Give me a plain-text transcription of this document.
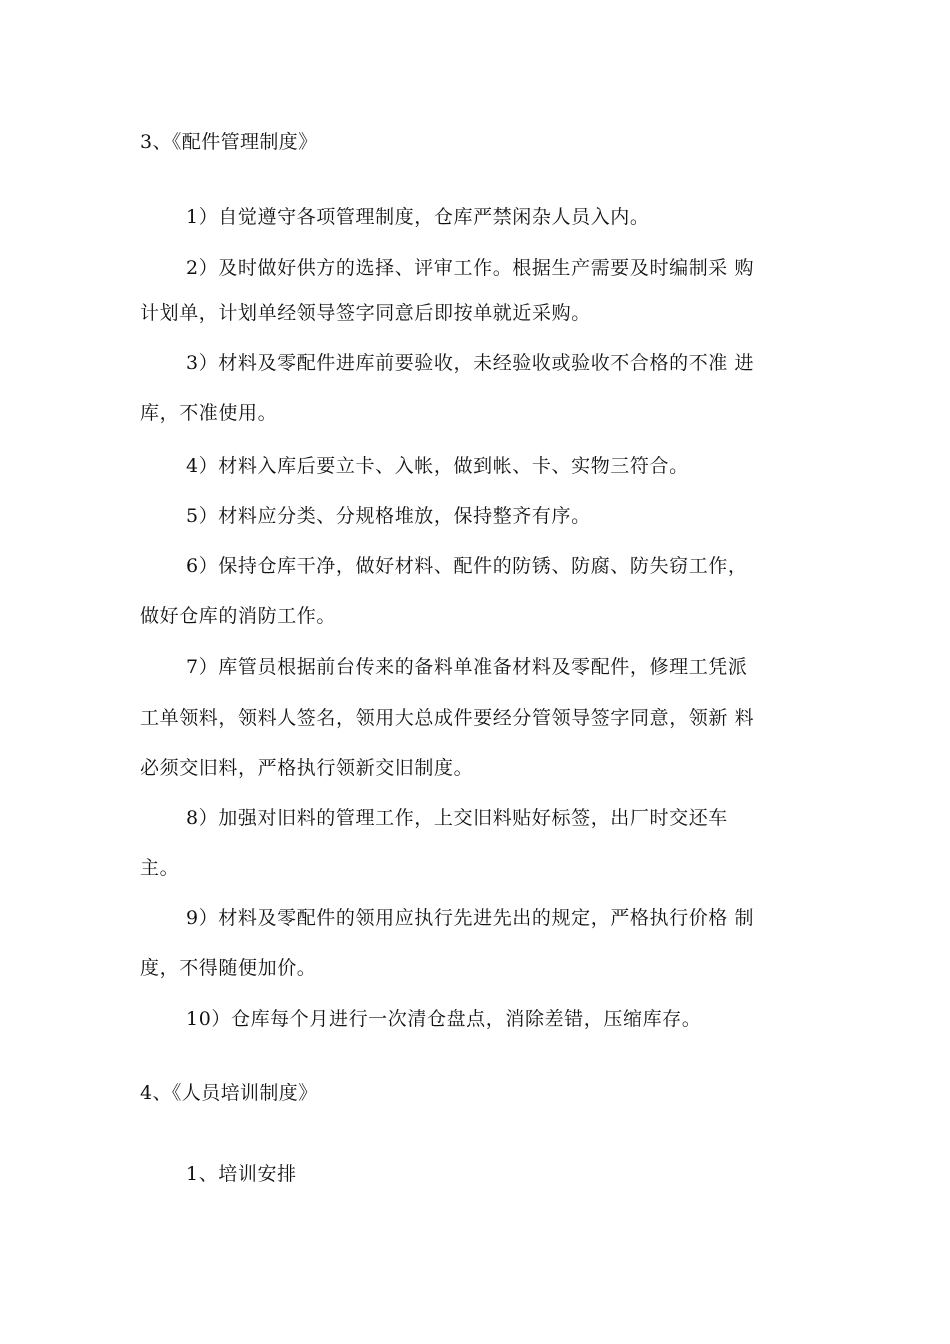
3、《配件管理制度》
1）自觉遵守各项管理制度，仓库严禁闲杂人员入内。
2）及时做好供方的选择、评审工作。根据生产需要及时编制采 购
计划单，计划单经领导签字同意后即按单就近采购。
3）材料及零配件进库前要验收，未经验收或验收不合格的不准 进
库，不准使用。
4）材料入库后要立卡、入帐，做到帐、卡、实物三符合。
5）材料应分类、分规格堆放，保持整齐有序。
6）保持仓库干净，做好材料、配件的防锈、防腐、防失窃工作，
做好仓库的消防工作。
7）库管员根据前台传来的备料单准备材料及零配件，修理工凭派
工单领料，领料人签名，领用大总成件要经分管领导签字同意，领新 料
必须交旧料，严格执行领新交旧制度。
8）加强对旧料的管理工作，上交旧料贴好标签，出厂时交还车
主。
9）材料及零配件的领用应执行先进先出的规定，严格执行价格 制
度，不得随便加价。
10）仓库每个月进行一次清仓盘点，消除差错，压缩库存。
4、《人员培训制度》
1、培训安排
